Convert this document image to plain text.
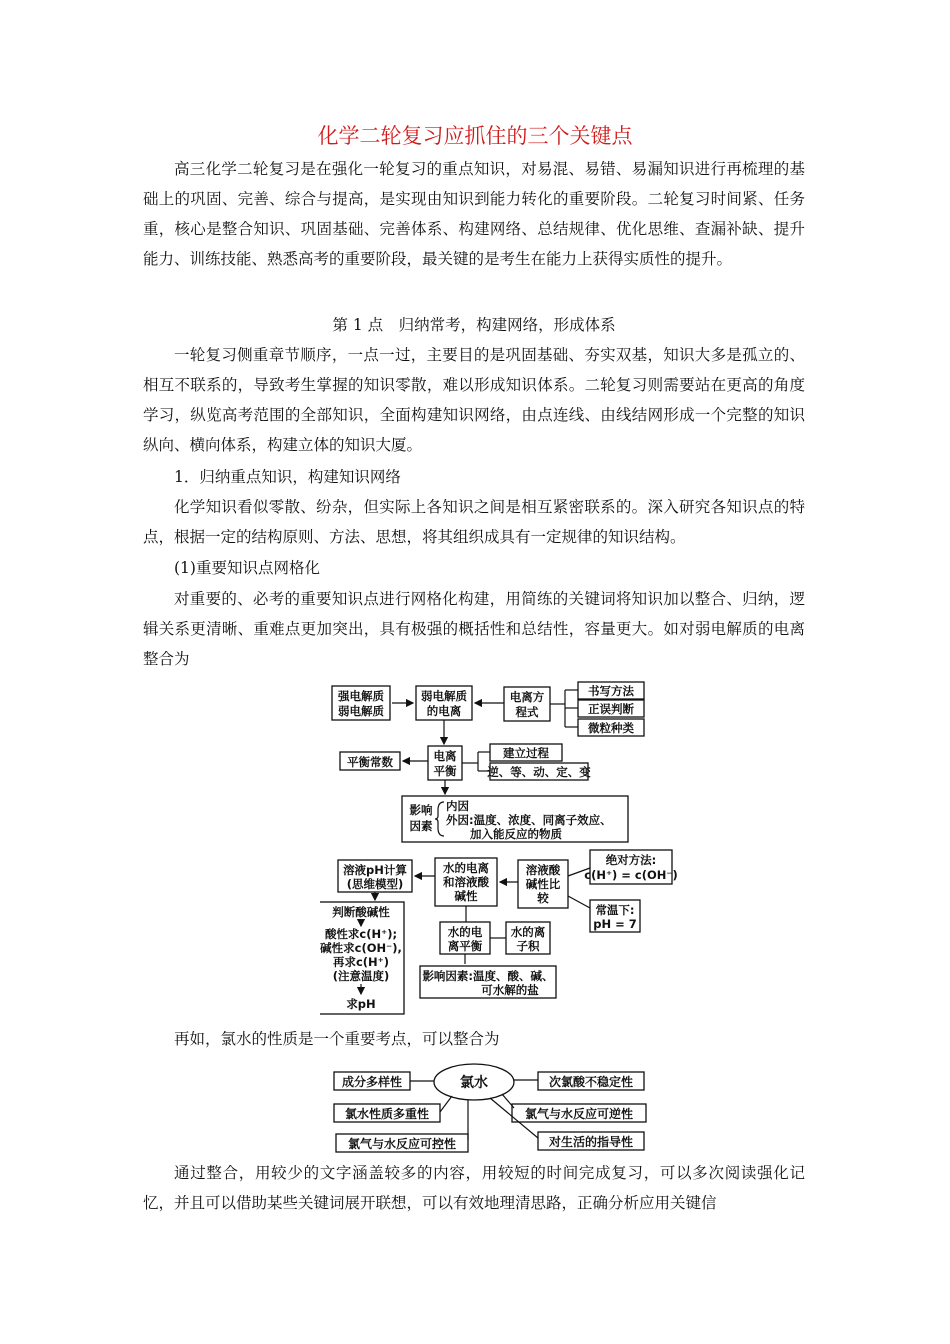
化学二轮复习应抓住的三个关键点

高三化学二轮复习是在强化一轮复习的重点知识，对易混、易错、易漏知识进行再梳理的基础上的巩固、完善、综合与提高，是实现由知识到能力转化的重要阶段。二轮复习时间紧、任务重，核心是整合知识、巩固基础、完善体系、构建网络、总结规律、优化思维、查漏补缺、提升能力、训练技能、熟悉高考的重要阶段，最关键的是考生在能力上获得实质性的提升。

第 1 点　归纳常考，构建网络，形成体系

一轮复习侧重章节顺序，一点一过，主要目的是巩固基础、夯实双基，知识大多是孤立的、相互不联系的，导致考生掌握的知识零散，难以形成知识体系。二轮复习则需要站在更高的角度学习，纵览高考范围的全部知识，全面构建知识网络，由点连线、由线结网形成一个完整的知识纵向、横向体系，构建立体的知识大厦。

1．归纳重点知识，构建知识网络

化学知识看似零散、纷杂，但实际上各知识之间是相互紧密联系的。深入研究各知识点的特点，根据一定的结构原则、方法、思想，将其组织成具有一定规律的知识结构。

(1)重要知识点网格化

对重要的、必考的重要知识点进行网格化构建，用简练的关键词将知识加以整合、归纳，逻辑关系更清晰、重难点更加突出，具有极强的概括性和总结性，容量更大。如对弱电解质的电离整合为

强电解质
弱电解质
弱电解质
的电离
电离方
程式
书写方法
正误判断
微粒种类
平衡常数	电离
平衡
建立过程
逆、等、动、定、变
影响
因素
内因
外因:温度、浓度、同离子效应、
加入能反应的物质
溶液pH计算
(思维模型)
水的电离
和溶液酸
碱性
溶液酸
碱性比
较
绝对方法:
c(H⁺) = c(OH⁻)
常温下:
pH = 7
判断酸碱性
酸性求c(H⁺);
碱性求c(OH⁻),
再求c(H⁺)
(注意温度)
求pH
水的电
离平衡
水的离
子积
影响因素:温度、酸、碱、
可水解的盐

再如，氯水的性质是一个重要考点，可以整合为

氯水
成分多样性
氯水性质多重性
氯气与水反应可控性
次氯酸不稳定性
氯气与水反应可逆性
对生活的指导性

通过整合，用较少的文字涵盖较多的内容，用较短的时间完成复习，可以多次阅读强化记忆，并且可以借助某些关键词展开联想，可以有效地理清思路，正确分析应用关键信
